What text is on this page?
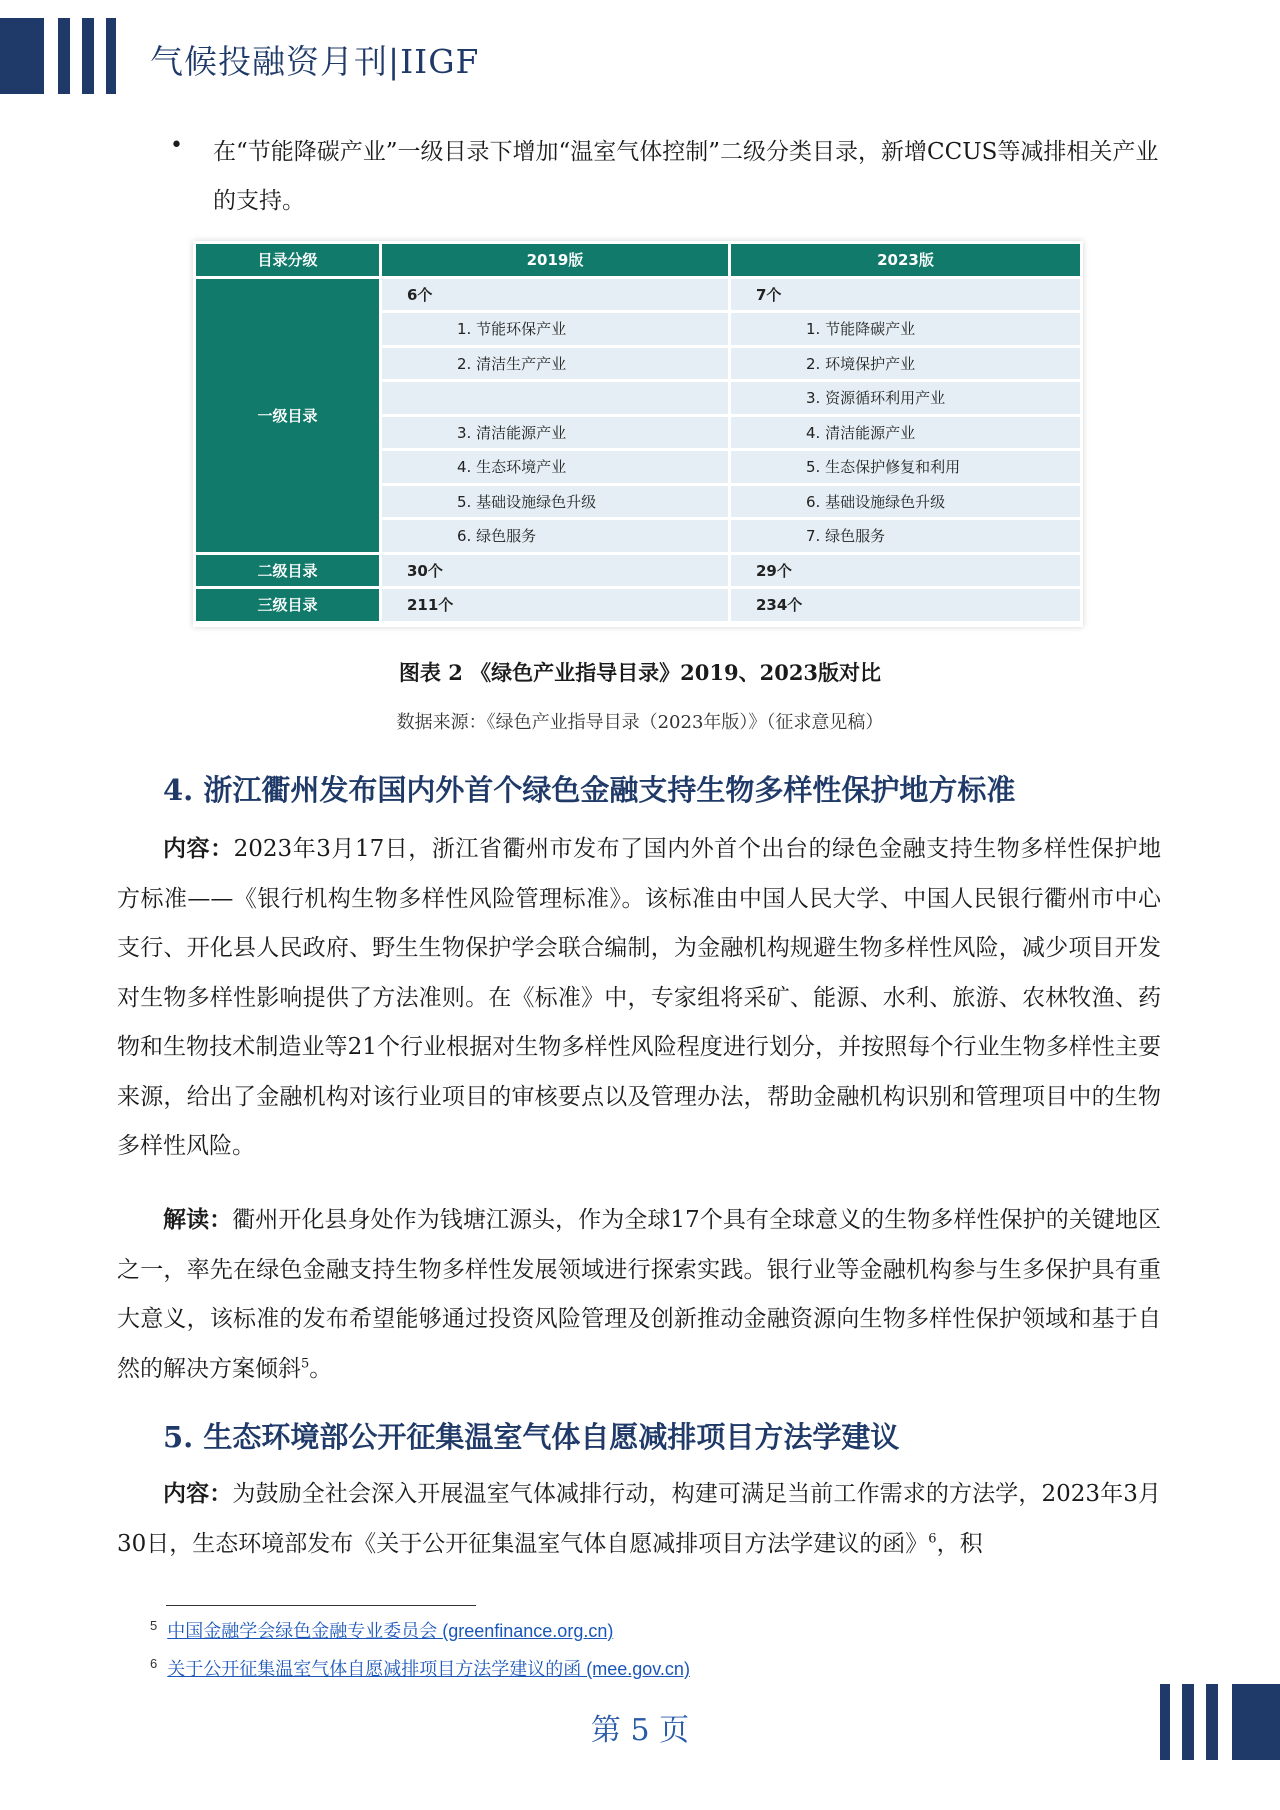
气候投融资月刊|IIGF
• 在“节能降碳产业”一级目录下增加“温室气体控制”二级分类目录，新增CCUS等减排相关产业的支持。
目录分级	2019版	2023版
一级目录	6个	7个
	1. 节能环保产业	1. 节能降碳产业
	2. 清洁生产产业	2. 环境保护产业
		3. 资源循环利用产业
	3. 清洁能源产业	4. 清洁能源产业
	4. 生态环境产业	5. 生态保护修复和利用
	5. 基础设施绿色升级	6. 基础设施绿色升级
	6. 绿色服务	7. 绿色服务
二级目录	30个	29个
三级目录	211个	234个
图表 2 《绿色产业指导目录》2019、2023版对比
数据来源：《绿色产业指导目录（2023年版）》（征求意见稿）
4. 浙江衢州发布国内外首个绿色金融支持生物多样性保护地方标准
内容：2023年3月17日，浙江省衢州市发布了国内外首个出台的绿色金融支持生物多样性保护地方标准——《银行机构生物多样性风险管理标准》。该标准由中国人民大学、中国人民银行衢州市中心支行、开化县人民政府、野生生物保护学会联合编制，为金融机构规避生物多样性风险，减少项目开发对生物多样性影响提供了方法准则。在《标准》中，专家组将采矿、能源、水利、旅游、农林牧渔、药物和生物技术制造业等21个行业根据对生物多样性风险程度进行划分，并按照每个行业生物多样性主要来源，给出了金融机构对该行业项目的审核要点以及管理办法，帮助金融机构识别和管理项目中的生物多样性风险。
解读：衢州开化县身处作为钱塘江源头，作为全球17个具有全球意义的生物多样性保护的关键地区之一，率先在绿色金融支持生物多样性发展领域进行探索实践。银行业等金融机构参与生多保护具有重大意义，该标准的发布希望能够通过投资风险管理及创新推动金融资源向生物多样性保护领域和基于自然的解决方案倾斜$^5$。
5. 生态环境部公开征集温室气体自愿减排项目方法学建议
内容：为鼓励全社会深入开展温室气体减排行动，构建可满足当前工作需求的方法学，2023年3月30日，生态环境部发布《关于公开征集温室气体自愿减排项目方法学建议的函》$^6$，积
$^5$ 中国金融学会绿色金融专业委员会 (greenfinance.org.cn)
$^6$ 关于公开征集温室气体自愿减排项目方法学建议的函 (mee.gov.cn)
第 5 页
